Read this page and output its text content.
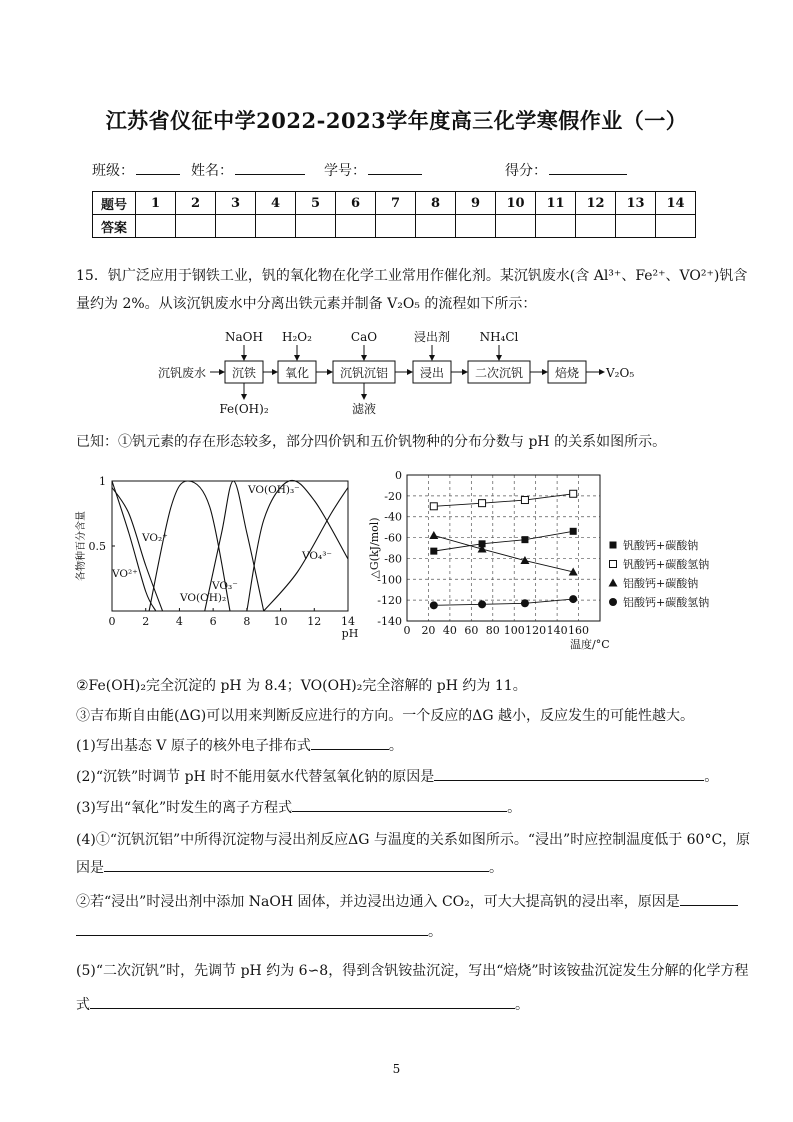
江苏省仪征中学2022-2023学年度高三化学寒假作业（一）
班级：	姓名：	学号：	得分：
题号	1	2	3	4	5	6	7	8	9	10	11	12	13	14
答案														
15．钒广泛应用于钢铁工业，钒的氧化物在化学工业常用作催化剂。某沉钒废水(含 Al³⁺、Fe²⁺、VO²⁺)钒含
量约为 2%。从该沉钒废水中分离出铁元素并制备 V₂O₅ 的流程如下所示：
沉钒废水 沉铁 氧化	沉钒沉铝	浸出	二次沉钒	焙烧 V₂O₅
NaOH H₂O₂	CaO	浸出剂 NH₄Cl
Fe(OH)₂	滤液
已知：①钒元素的存在形态较多，部分四价钒和五价钒物种的分布分数与 pH 的关系如图所示。
0 2 4 6 8 10 12 14
0.5
1
pH
各物种百分含量 VO²⁺
VO₂⁺
VO(OH)₂
VO₃⁻
VO(OH)₃⁻
VO₄³⁻
0 20 40 60 80 100 120 140 160
0
-20
-40
-60
-80
-100
-120
-140
温度/°C
△G(kJ/mol)	钒酸钙+碳酸钠
钒酸钙+碳酸氢钠
铝酸钙+碳酸钠
铝酸钙+碳酸氢钠
②Fe(OH)₂完全沉淀的 pH 为 8.4；VO(OH)₂完全溶解的 pH 约为 11。
③吉布斯自由能(ΔG)可以用来判断反应进行的方向。一个反应的ΔG 越小，反应发生的可能性越大。
(1)写出基态 V 原子的核外电子排布式	。
(2)“沉铁”时调节 pH 时不能用氨水代替氢氧化钠的原因是	。
(3)写出“氧化”时发生的离子方程式	。
(4)①“沉钒沉铝”中所得沉淀物与浸出剂反应ΔG 与温度的关系如图所示。“浸出”时应控制温度低于 60°C，原
因是	。
②若“浸出”时浸出剂中添加 NaOH 固体，并边浸出边通入 CO₂，可大大提高钒的浸出率，原因是
。
(5)“二次沉钒”时，先调节 pH 约为 6∽8，得到含钒铵盐沉淀，写出“焙烧”时该铵盐沉淀发生分解的化学方程
式	。
5
